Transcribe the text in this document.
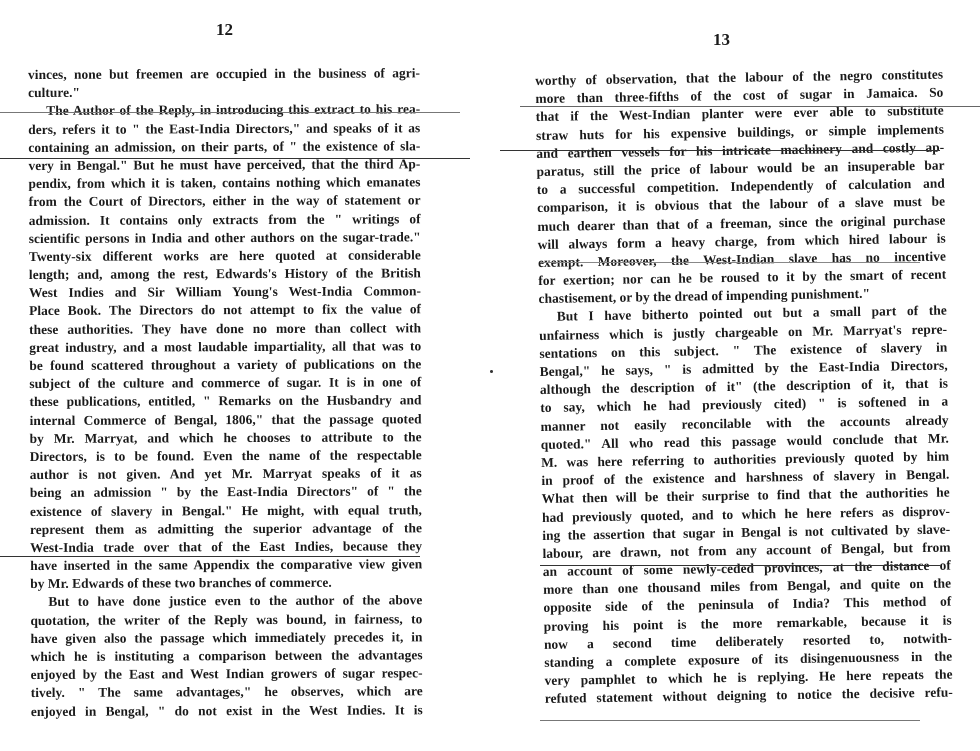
12
vinces, none but freemen are occupied in the business of agri-
culture."
The Author of the Reply, in introducing this extract to his rea-
ders, refers it to " the East-India Directors," and speaks of it as
containing an admission, on their parts, of " the existence of sla-
very in Bengal." But he must have perceived, that the third Ap-
pendix, from which it is taken, contains nothing which emanates
from the Court of Directors, either in the way of statement or
admission. It contains only extracts from the " writings of
scientific persons in India and other authors on the sugar-trade."
Twenty-six different works are here quoted at considerable
length; and, among the rest, Edwards's History of the British
West Indies and Sir William Young's West-India Common-
Place Book. The Directors do not attempt to fix the value of
these authorities. They have done no more than collect with
great industry, and a most laudable impartiality, all that was to
be found scattered throughout a variety of publications on the
subject of the culture and commerce of sugar. It is in one of
these publications, entitled, " Remarks on the Husbandry and
internal Commerce of Bengal, 1806," that the passage quoted
by Mr. Marryat, and which he chooses to attribute to the
Directors, is to be found. Even the name of the respectable
author is not given. And yet Mr. Marryat speaks of it as
being an admission " by the East-India Directors" of " the
existence of slavery in Bengal." He might, with equal truth,
represent them as admitting the superior advantage of the
West-India trade over that of the East Indies, because they
have inserted in the same Appendix the comparative view given
by Mr. Edwards of these two branches of commerce.
But to have done justice even to the author of the above
quotation, the writer of the Reply was bound, in fairness, to
have given also the passage which immediately precedes it, in
which he is instituting a comparison between the advantages
enjoyed by the East and West Indian growers of sugar respec-
tively. " The same advantages," he observes, which are
enjoyed in Bengal, " do not exist in the West Indies. It is
13
worthy of observation, that the labour of the negro constitutes
more than three-fifths of the cost of sugar in Jamaica. So
that if the West-Indian planter were ever able to substitute
straw huts for his expensive buildings, or simple implements
and earthen vessels for his intricate machinery and costly ap-
paratus, still the price of labour would be an insuperable bar
to a successful competition. Independently of calculation and
comparison, it is obvious that the labour of a slave must be
much dearer than that of a freeman, since the original purchase
will always form a heavy charge, from which hired labour is
exempt. Moreover, the West-Indian slave has no incentive
for exertion; nor can he be roused to it by the smart of recent
chastisement, or by the dread of impending punishment."
But I have bitherto pointed out but a small part of the
unfairness which is justly chargeable on Mr. Marryat's repre-
sentations on this subject. " The existence of slavery in
Bengal," he says, " is admitted by the East-India Directors,
although the description of it" (the description of it, that is
to say, which he had previously cited) " is softened in a
manner not easily reconcilable with the accounts already
quoted." All who read this passage would conclude that Mr.
M. was here referring to authorities previously quoted by him
in proof of the existence and harshness of slavery in Bengal.
What then will be their surprise to find that the authorities he
had previously quoted, and to which he here refers as disprov-
ing the assertion that sugar in Bengal is not cultivated by slave-
labour, are drawn, not from any account of Bengal, but from
an account of some newly-ceded provinces, at the distance of
more than one thousand miles from Bengal, and quite on the
opposite side of the peninsula of India? This method of
proving his point is the more remarkable, because it is
now a second time deliberately resorted to, notwith-
standing a complete exposure of its disingenuousness in the
very pamphlet to which he is replying. He here repeats the
refuted statement without deigning to notice the decisive refu-
